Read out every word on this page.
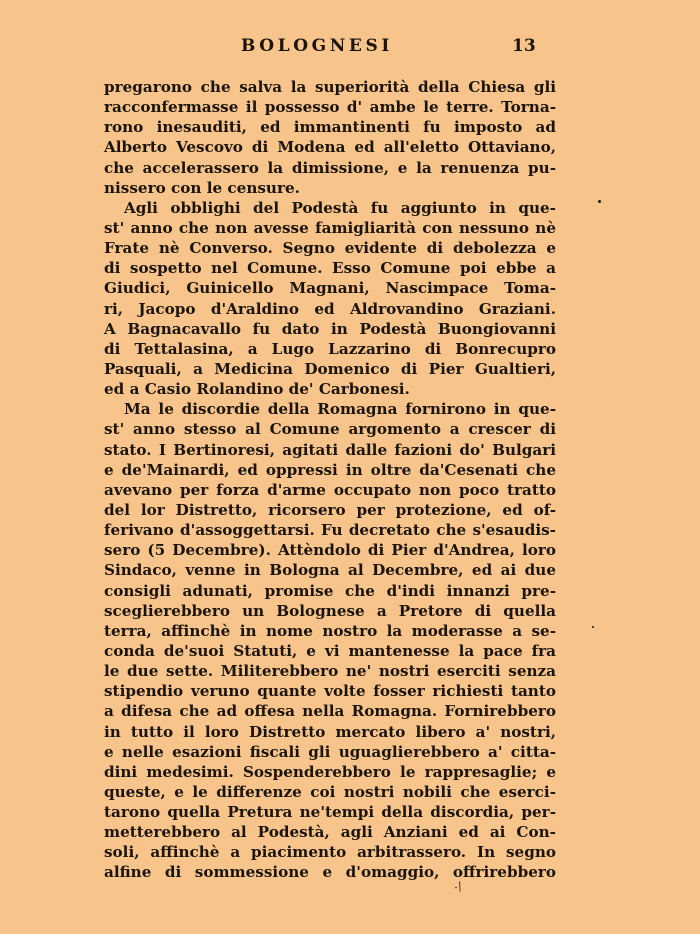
BOLOGNESI	13
pregarono che salva la superiorità della Chiesa gli
racconfermasse il possesso d' ambe le terre. Torna-
rono inesauditi, ed immantinenti fu imposto ad
Alberto Vescovo di Modena ed all'eletto Ottaviano,
che accelerassero la dimissione, e la renuenza pu-
nissero con le censure.
Agli obblighi del Podestà fu aggiunto in que-
st' anno che non avesse famigliarità con nessuno nè
Frate nè Converso. Segno evidente di debolezza e
di sospetto nel Comune. Esso Comune poi ebbe a
Giudici, Guinicello Magnani, Nascimpace Toma-
ri, Jacopo d'Araldino ed Aldrovandino Graziani.
A Bagnacavallo fu dato in Podestà Buongiovanni
di Tettalasina, a Lugo Lazzarino di Bonrecupro
Pasquali, a Medicina Domenico di Pier Gualtieri,
ed a Casio Rolandino de' Carbonesi.
Ma le discordie della Romagna fornirono in que-
st' anno stesso al Comune argomento a crescer di
stato. I Bertinoresi, agitati dalle fazioni do' Bulgari
e de'Mainardi, ed oppressi in oltre da'Cesenati che
avevano per forza d'arme occupato non poco tratto
del lor Distretto, ricorsero per protezione, ed of-
ferivano d'assoggettarsi. Fu decretato che s'esaudis-
sero (5 Decembre). Attèndolo di Pier d'Andrea, loro
Sindaco, venne in Bologna al Decembre, ed ai due
consigli adunati, promise che d'indi innanzi pre-
sceglierebbero un Bolognese a Pretore di quella
terra, affinchè in nome nostro la moderasse a se-
conda de'suoi Statuti, e vi mantenesse la pace fra
le due sette. Militerebbero ne' nostri eserciti senza
stipendio veruno quante volte fosser richiesti tanto
a difesa che ad offesa nella Romagna. Fornirebbero
in tutto il loro Distretto mercato libero a' nostri,
e nelle esazioni fiscali gli uguaglierebbero a' citta-
dini medesimi. Sospenderebbero le rappresaglie; e
queste, e le differenze coi nostri nobili che eserci-
tarono quella Pretura ne'tempi della discordia, per-
metterebbero al Podestà, agli Anziani ed ai Con-
soli, affinchè a piacimento arbitrassero. In segno
alfine di sommessione e d'omaggio, offrirebbero
·/
